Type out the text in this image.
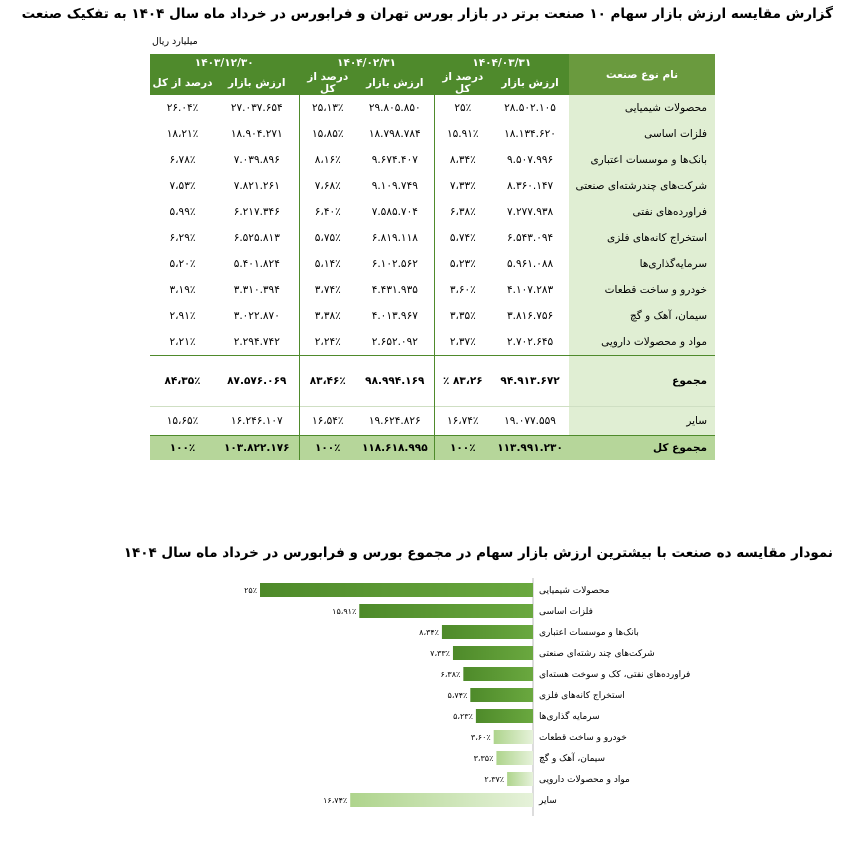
گزارش مقایسه ارزش بازار سهام ۱۰ صنعت برتر در بازار بورس تهران و فرابورس در خرداد ماه سال ۱۴۰۴ به تفکیک صنعت
میلیارد ریال
نام نوع صنعت	۱۴۰۴/۰۳/۳۱		۱۴۰۴/۰۲/۳۱		۱۴۰۳/۱۲/۳۰	
	ارزش بازار	درصد از کل	ارزش بازار	درصد از کل	ارزش بازار	درصد از کل
محصولات شیمیایی	۲۸.۵۰۲.۱۰۵	۲۵٪	۲۹.۸۰۵.۸۵۰	۲۵،۱۳٪	۲۷.۰۳۷.۶۵۴	۲۶.۰۴٪
فلزات اساسی	۱۸.۱۳۴.۶۲۰	۱۵.۹۱٪	۱۸.۷۹۸.۷۸۴	۱۵،۸۵٪	۱۸.۹۰۴.۲۷۱	۱۸،۲۱٪
بانک‌ها و موسسات اعتباری	۹.۵۰۷.۹۹۶	۸،۳۴٪	۹.۶۷۴.۴۰۷	۸،۱۶٪	۷.۰۳۹.۸۹۶	۶،۷۸٪
شرکت‌های چندرشته‌ای صنعتی	۸.۳۶۰.۱۴۷	۷،۳۳٪	۹.۱۰۹.۷۴۹	۷،۶۸٪	۷.۸۲۱.۲۶۱	۷،۵۳٪
فراورده‌های نفتی	۷.۲۷۷.۹۳۸	۶،۳۸٪	۷.۵۸۵.۷۰۴	۶،۴۰٪	۶.۲۱۷.۳۴۶	۵،۹۹٪
استخراج کانه‌های فلزی	۶.۵۴۳.۰۹۴	۵،۷۴٪	۶.۸۱۹.۱۱۸	۵،۷۵٪	۶.۵۲۵.۸۱۳	۶،۲۹٪
سرمایه‌گذاری‌ها	۵.۹۶۱.۰۸۸	۵،۲۳٪	۶.۱۰۲.۵۶۲	۵،۱۴٪	۵.۴۰۱.۸۲۴	۵،۲۰٪
خودرو و ساخت قطعات	۴.۱۰۷.۲۸۳	۳،۶۰٪	۴.۴۳۱.۹۳۵	۳،۷۴٪	۳.۳۱۰.۳۹۴	۳،۱۹٪
سیمان، آهک و گچ	۳.۸۱۶.۷۵۶	۳،۳۵٪	۴.۰۱۳.۹۶۷	۳،۳۸٪	۳.۰۲۲.۸۷۰	۲،۹۱٪
مواد و محصولات دارویی	۲.۷۰۲.۶۴۵	۲،۳۷٪	۲.۶۵۲.۰۹۲	۲،۲۴٪	۲.۲۹۴.۷۴۲	۲،۲۱٪
مجموع	۹۴.۹۱۳.۶۷۲	۸۳،۲۶ ٪	۹۸.۹۹۴.۱۶۹	۸۳،۴۶٪	۸۷.۵۷۶.۰۶۹	۸۴،۳۵٪
سایر	۱۹.۰۷۷.۵۵۹	۱۶،۷۴٪	۱۹.۶۲۴.۸۲۶	۱۶،۵۴٪	۱۶.۲۴۶.۱۰۷	۱۵،۶۵٪
مجموع کل	۱۱۳.۹۹۱.۲۳۰	۱۰۰٪	۱۱۸.۶۱۸.۹۹۵	۱۰۰٪	۱۰۳.۸۲۲.۱۷۶	۱۰۰٪
نمودار مقایسه ده صنعت با بیشترین ارزش بازار سهام در مجموع بورس و فرابورس در خرداد ماه سال ۱۴۰۴
۲۵٪	محصولات شیمیایی
۱۵،۹۱٪	فلزات اساسی
۸،۳۴٪	بانک‌ها و موسسات اعتباری
۷،۳۳٪	شرکت‌های چند رشته‌ای صنعتی
۶،۳۸٪	فراورده‌های نفتی، کک و سوخت هسته‌ای
۵،۷۴٪	استخراج کانه‌های فلزی
۵،۲۳٪	سرمایه گذاری‌ها
۳،۶۰٪	خودرو و ساخت قطعات
۳،۳۵٪	سیمان، آهک و گچ
۲،۳۷٪	مواد و محصولات دارویی
۱۶،۷۴٪	سایر
